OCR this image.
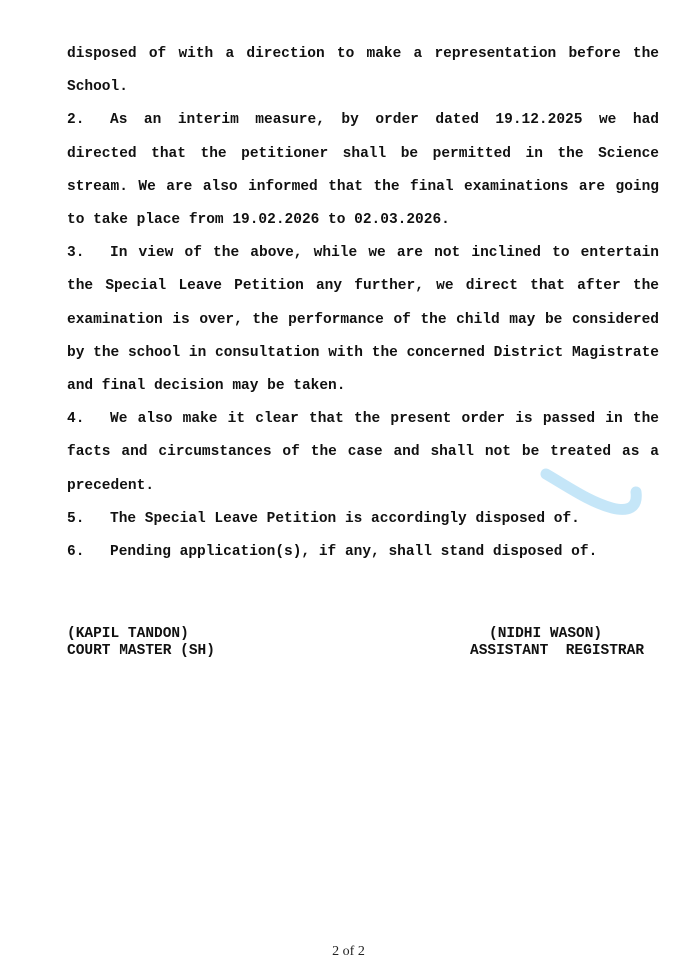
disposed of with a direction to make a representation before the School.

2. As an interim measure, by order dated 19.12.2025 we had directed that the petitioner shall be permitted in the Science stream. We are also informed that the final examinations are going to take place from 19.02.2026 to 02.03.2026.

3. In view of the above, while we are not inclined to entertain the Special Leave Petition any further, we direct that after the examination is over, the performance of the child may be considered by the school in consultation with the concerned District Magistrate and final decision may be taken.

4. We also make it clear that the present order is passed in the facts and circumstances of the case and shall not be treated as a precedent.

5. The Special Leave Petition is accordingly disposed of.

6. Pending application(s), if any, shall stand disposed of.

(KAPIL TANDON)
COURT MASTER (SH)
(NIDHI WASON)
ASSISTANT  REGISTRAR
2 of 2
